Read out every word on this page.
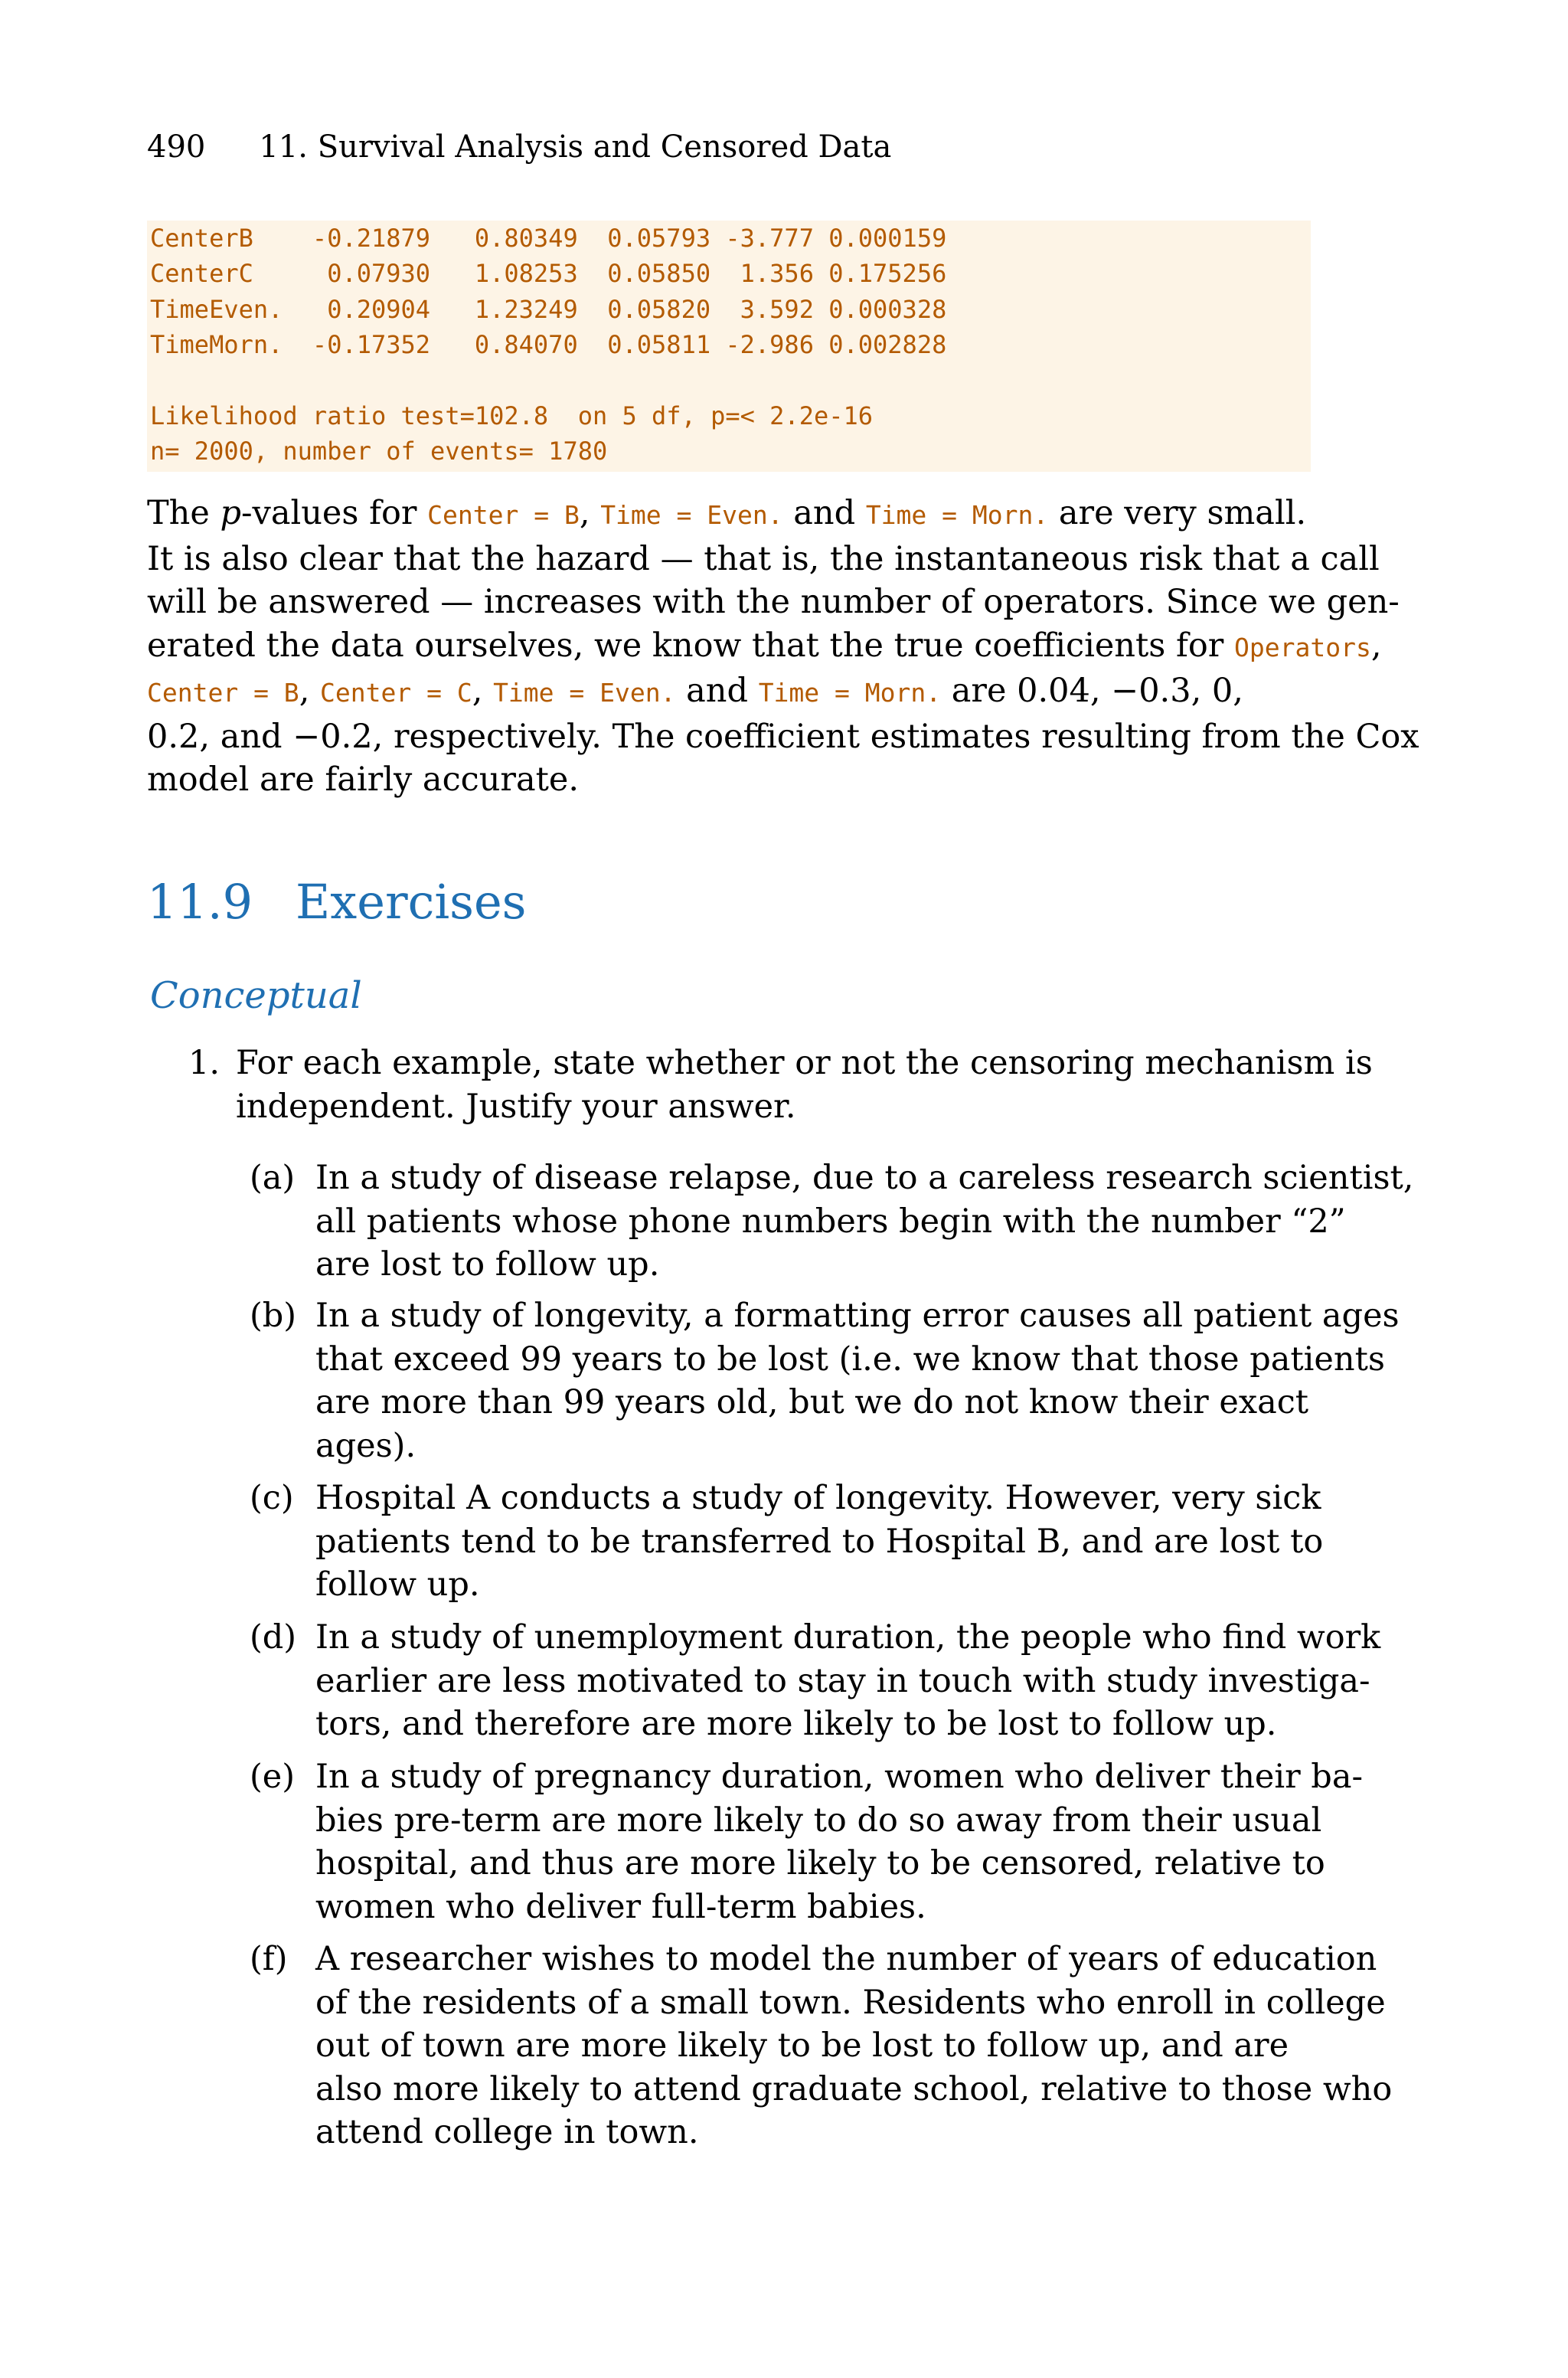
490 11. Survival Analysis and Censored Data
CenterB    -0.21879   0.80349  0.05793 -3.777 0.000159
CenterC     0.07930   1.08253  0.05850  1.356 0.175256
TimeEven.   0.20904   1.23249  0.05820  3.592 0.000328
TimeMorn.  -0.17352   0.84070  0.05811 -2.986 0.002828
Likelihood ratio test=102.8  on 5 df, p=< 2.2e-16
n= 2000, number of events= 1780
The p-values for Center = B, Time = Even. and Time = Morn. are very small.
It is also clear that the hazard — that is, the instantaneous risk that a call
will be answered — increases with the number of operators. Since we gen-
erated the data ourselves, we know that the true coefficients for Operators,
Center = B, Center = C, Time = Even. and Time = Morn. are 0.04, −0.3, 0,
0.2, and −0.2, respectively. The coefficient estimates resulting from the Cox
model are fairly accurate.
11.9 Exercises
Conceptual
1. For each example, state whether or not the censoring mechanism is
independent. Justify your answer.
(a) In a study of disease relapse, due to a careless research scientist,
all patients whose phone numbers begin with the number “2”
are lost to follow up.
(b) In a study of longevity, a formatting error causes all patient ages
that exceed 99 years to be lost (i.e. we know that those patients
are more than 99 years old, but we do not know their exact
ages).
(c) Hospital A conducts a study of longevity. However, very sick
patients tend to be transferred to Hospital B, and are lost to
follow up.
(d) In a study of unemployment duration, the people who find work
earlier are less motivated to stay in touch with study investiga-
tors, and therefore are more likely to be lost to follow up.
(e) In a study of pregnancy duration, women who deliver their ba-
bies pre-term are more likely to do so away from their usual
hospital, and thus are more likely to be censored, relative to
women who deliver full-term babies.
(f) A researcher wishes to model the number of years of education
of the residents of a small town. Residents who enroll in college
out of town are more likely to be lost to follow up, and are
also more likely to attend graduate school, relative to those who
attend college in town.
